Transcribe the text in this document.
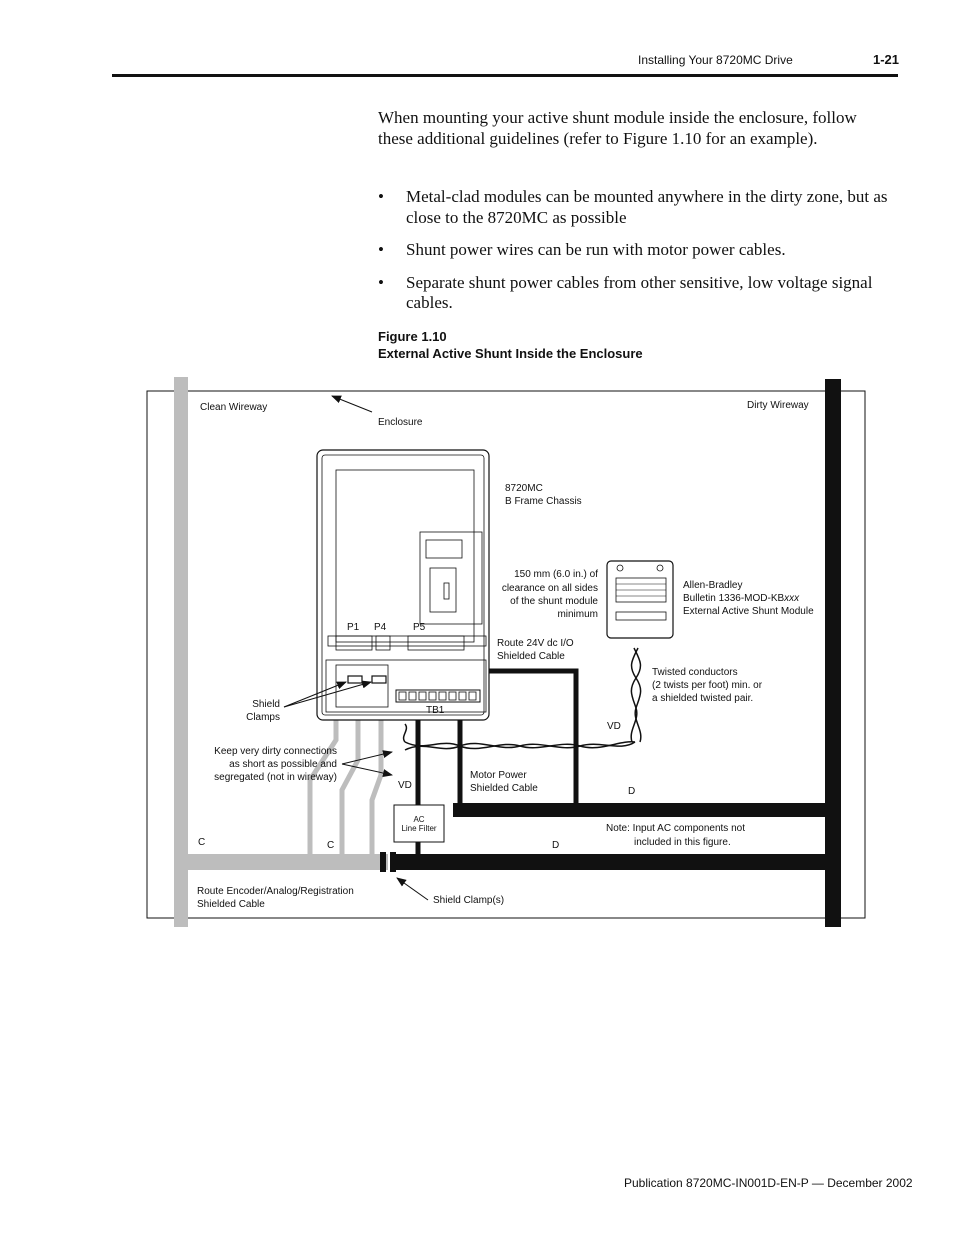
Installing Your 8720MC Drive	1-21
When mounting your active shunt module inside the enclosure, follow these additional guidelines (refer to Figure 1.10 for an example).
• Metal-clad modules can be mounted anywhere in the dirty zone, but as close to the 8720MC as possible
• Shunt power wires can be run with motor power cables.
• Separate shunt power cables from other sensitive, low voltage signal cables.
Figure 1.10
External Active Shunt Inside the Enclosure
Clean Wireway
Enclosure
Dirty Wireway
8720MC
B Frame Chassis
150 mm (6.0 in.) of
clearance on all sides
of the shunt module
minimum
Allen-Bradley
Bulletin 1336-MOD-KBxxx
External Active Shunt Module
P1 P4	P5
Route 24V dc I/O
Shielded Cable
Twisted conductors
(2 twists per foot) min. or
a shielded twisted pair.
Shield
Clamps
TB1
VD
Keep very dirty connections
as short as possible and
segregated (not in wireway)
VD
Motor Power
Shielded Cable	D
AC
Line Filter	Note: Input AC components not
included in this figure.
C	C	D
Route Encoder/Analog/Registration
Shielded Cable	Shield Clamp(s)
Publication 8720MC-IN001D-EN-P — December 2002
